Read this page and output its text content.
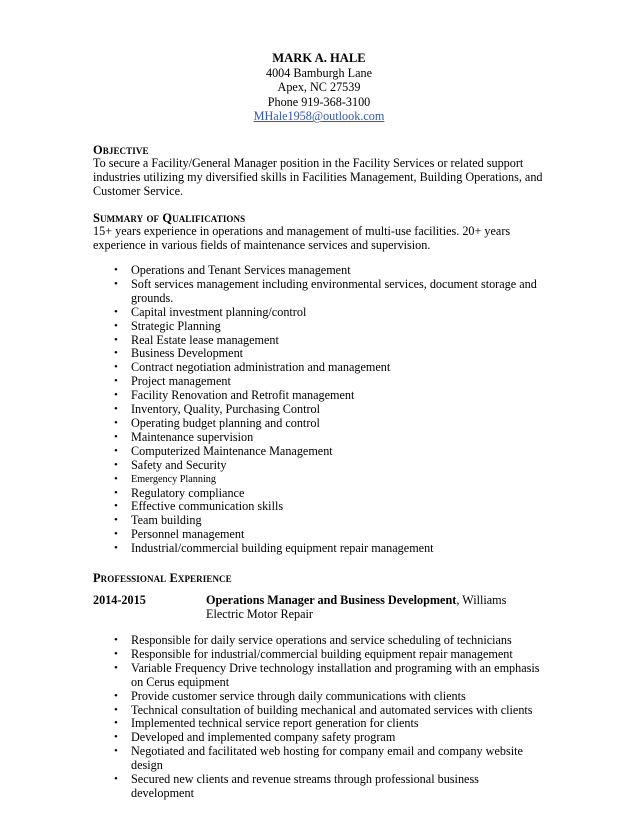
MARK A. HALE
4004 Bamburgh Lane
Apex, NC 27539
Phone 919-368-3100
MHale1958@outlook.com
Objective

To secure a Facility/General Manager position in the Facility Services or related support industries utilizing my diversified skills in Facilities Management, Building Operations, and Customer Service.

Summary of Qualifications

15+ years experience in operations and management of multi-use facilities. 20+ years experience in various fields of maintenance services and supervision.

• Operations and Tenant Services management
• Soft services management including environmental services, document storage and grounds.
• Capital investment planning/control
• Strategic Planning
• Real Estate lease management
• Business Development
• Contract negotiation administration and management
• Project management
• Facility Renovation and Retrofit management
• Inventory, Quality, Purchasing Control
• Operating budget planning and control
• Maintenance supervision
• Computerized Maintenance Management
• Safety and Security
• Emergency Planning
• Regulatory compliance
• Effective communication skills
• Team building
• Personnel management
• Industrial/commercial building equipment repair management
Professional Experience
2014-2015	Operations Manager and Business Development, Williams Electric Motor Repair
• Responsible for daily service operations and service scheduling of technicians
• Responsible for industrial/commercial building equipment repair management
• Variable Frequency Drive technology installation and programing with an emphasis on Cerus equipment
• Provide customer service through daily communications with clients
• Technical consultation of building mechanical and automated services with clients
• Implemented technical service report generation for clients
• Developed and implemented company safety program
• Negotiated and facilitated web hosting for company email and company website design
• Secured new clients and revenue streams through professional business development
